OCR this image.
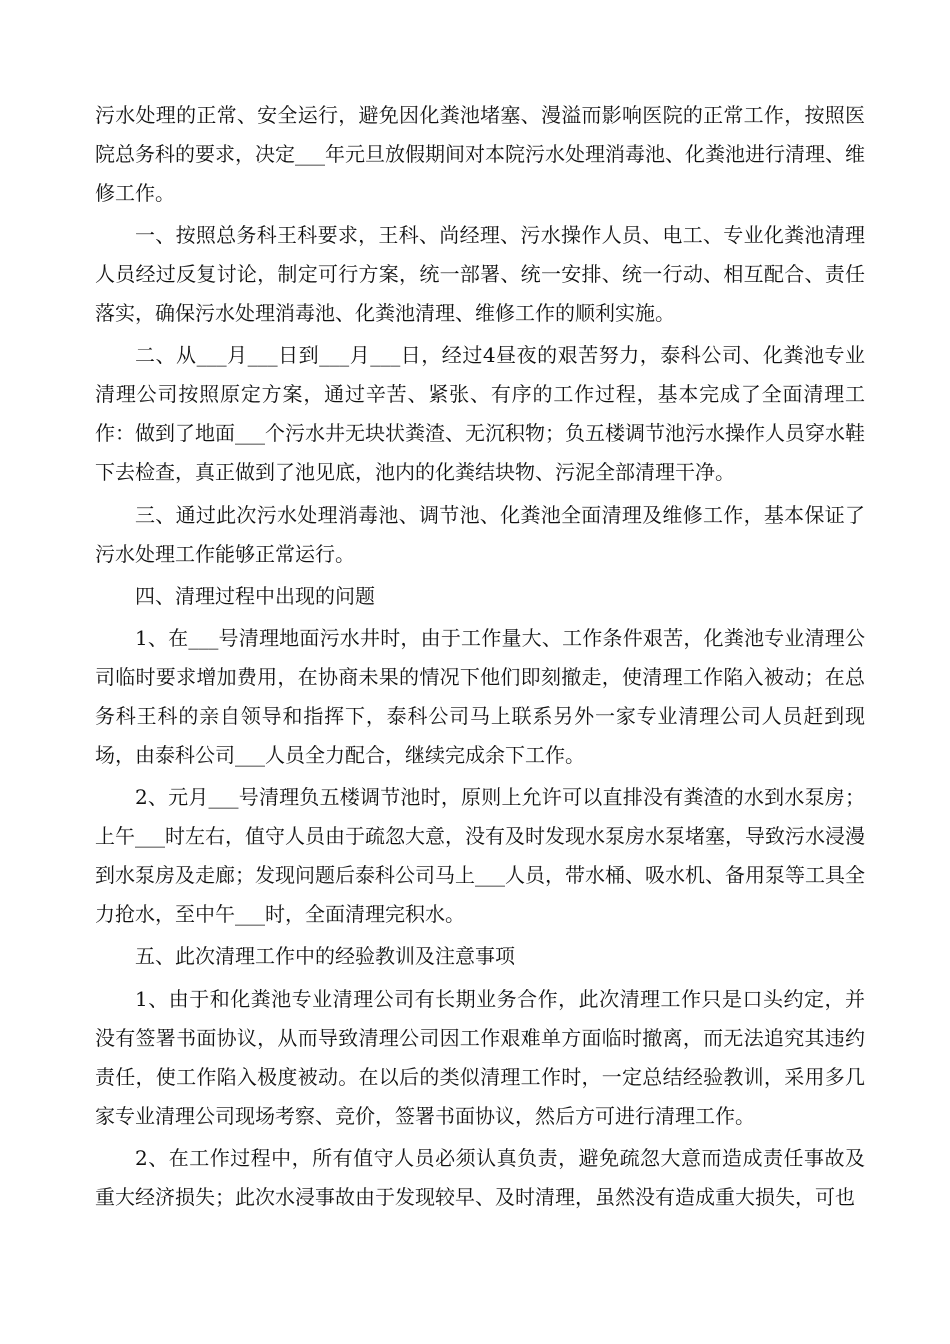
污水处理的正常、安全运行，避免因化粪池堵塞、漫溢而影响医院的正常工作，按照医院总务科的要求，决定___年元旦放假期间对本院污水处理消毒池、化粪池进行清理、维修工作。

一、按照总务科王科要求，王科、尚经理、污水操作人员、电工、专业化粪池清理人员经过反复讨论，制定可行方案，统一部署、统一安排、统一行动、相互配合、责任落实，确保污水处理消毒池、化粪池清理、维修工作的顺利实施。

二、从___月___日到___月___日，经过4昼夜的艰苦努力，泰科公司、化粪池专业清理公司按照原定方案，通过辛苦、紧张、有序的工作过程，基本完成了全面清理工作：做到了地面___个污水井无块状粪渣、无沉积物；负五楼调节池污水操作人员穿水鞋下去检查，真正做到了池见底，池内的化粪结块物、污泥全部清理干净。

三、通过此次污水处理消毒池、调节池、化粪池全面清理及维修工作，基本保证了污水处理工作能够正常运行。

四、清理过程中出现的问题

1、在___号清理地面污水井时，由于工作量大、工作条件艰苦，化粪池专业清理公司临时要求增加费用，在协商未果的情况下他们即刻撤走，使清理工作陷入被动；在总务科王科的亲自领导和指挥下，泰科公司马上联系另外一家专业清理公司人员赶到现场，由泰科公司___人员全力配合，继续完成余下工作。

2、元月___号清理负五楼调节池时，原则上允许可以直排没有粪渣的水到水泵房；上午___时左右，值守人员由于疏忽大意，没有及时发现水泵房水泵堵塞，导致污水浸漫到水泵房及走廊；发现问题后泰科公司马上___人员，带水桶、吸水机、备用泵等工具全力抢水，至中午___时，全面清理完积水。

五、此次清理工作中的经验教训及注意事项

1、由于和化粪池专业清理公司有长期业务合作，此次清理工作只是口头约定，并没有签署书面协议，从而导致清理公司因工作艰难单方面临时撤离，而无法追究其违约责任，使工作陷入极度被动。在以后的类似清理工作时，一定总结经验教训，采用多几家专业清理公司现场考察、竞价，签署书面协议，然后方可进行清理工作。

2、在工作过程中，所有值守人员必须认真负责，避免疏忽大意而造成责任事故及重大经济损失；此次水浸事故由于发现较早、及时清理，虽然没有造成重大损失，可也
